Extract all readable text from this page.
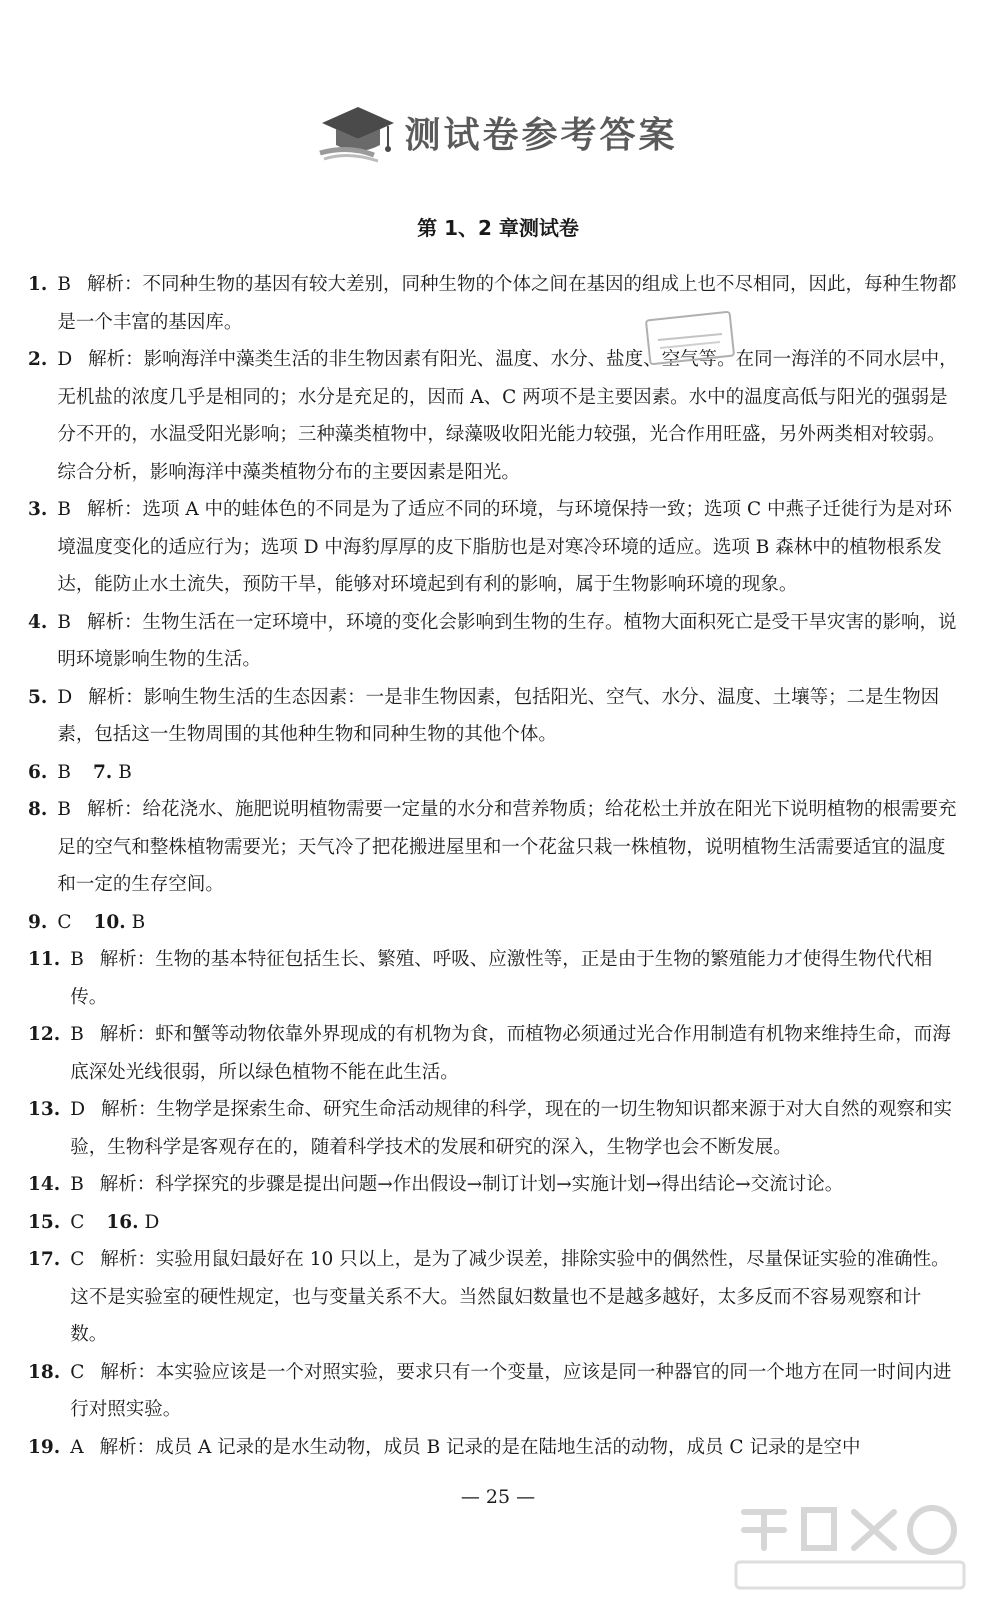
测试卷参考答案
第 1、2 章测试卷
1. B 解析：不同种生物的基因有较大差别，同种生物的个体之间在基因的组成上也不尽相同，因此，每种生物都是一个丰富的基因库。
2. D 解析：影响海洋中藻类生活的非生物因素有阳光、温度、水分、盐度、空气等。在同一海洋的不同水层中，无机盐的浓度几乎是相同的；水分是充足的，因而 A、C 两项不是主要因素。水中的温度高低与阳光的强弱是分不开的，水温受阳光影响；三种藻类植物中，绿藻吸收阳光能力较强，光合作用旺盛，另外两类相对较弱。综合分析，影响海洋中藻类植物分布的主要因素是阳光。
3. B 解析：选项 A 中的蛙体色的不同是为了适应不同的环境，与环境保持一致；选项 C 中燕子迁徙行为是对环境温度变化的适应行为；选项 D 中海豹厚厚的皮下脂肪也是对寒冷环境的适应。选项 B 森林中的植物根系发达，能防止水土流失，预防干旱，能够对环境起到有利的影响，属于生物影响环境的现象。
4. B 解析：生物生活在一定环境中，环境的变化会影响到生物的生存。植物大面积死亡是受干旱灾害的影响，说明环境影响生物的生活。
5. D 解析：影响生物生活的生态因素：一是非生物因素，包括阳光、空气、水分、温度、土壤等；二是生物因素，包括这一生物周围的其他种生物和同种生物的其他个体。
6. B 7. B
8. B 解析：给花浇水、施肥说明植物需要一定量的水分和营养物质；给花松土并放在阳光下说明植物的根需要充足的空气和整株植物需要光；天气冷了把花搬进屋里和一个花盆只栽一株植物，说明植物生活需要适宜的温度和一定的生存空间。
9. C 10. B
11. B 解析：生物的基本特征包括生长、繁殖、呼吸、应激性等，正是由于生物的繁殖能力才使得生物代代相传。
12. B 解析：虾和蟹等动物依靠外界现成的有机物为食，而植物必须通过光合作用制造有机物来维持生命，而海底深处光线很弱，所以绿色植物不能在此生活。
13. D 解析：生物学是探索生命、研究生命活动规律的科学，现在的一切生物知识都来源于对大自然的观察和实验，生物科学是客观存在的，随着科学技术的发展和研究的深入，生物学也会不断发展。
14. B 解析：科学探究的步骤是提出问题→作出假设→制订计划→实施计划→得出结论→交流讨论。
15. C 16. D
17. C 解析：实验用鼠妇最好在 10 只以上，是为了减少误差，排除实验中的偶然性，尽量保证实验的准确性。这不是实验室的硬性规定，也与变量关系不大。当然鼠妇数量也不是越多越好，太多反而不容易观察和计数。
18. C 解析：本实验应该是一个对照实验，要求只有一个变量，应该是同一种器官的同一个地方在同一时间内进行对照实验。
19. A 解析：成员 A 记录的是水生动物，成员 B 记录的是在陆地生活的动物，成员 C 记录的是空中
— 25 —
